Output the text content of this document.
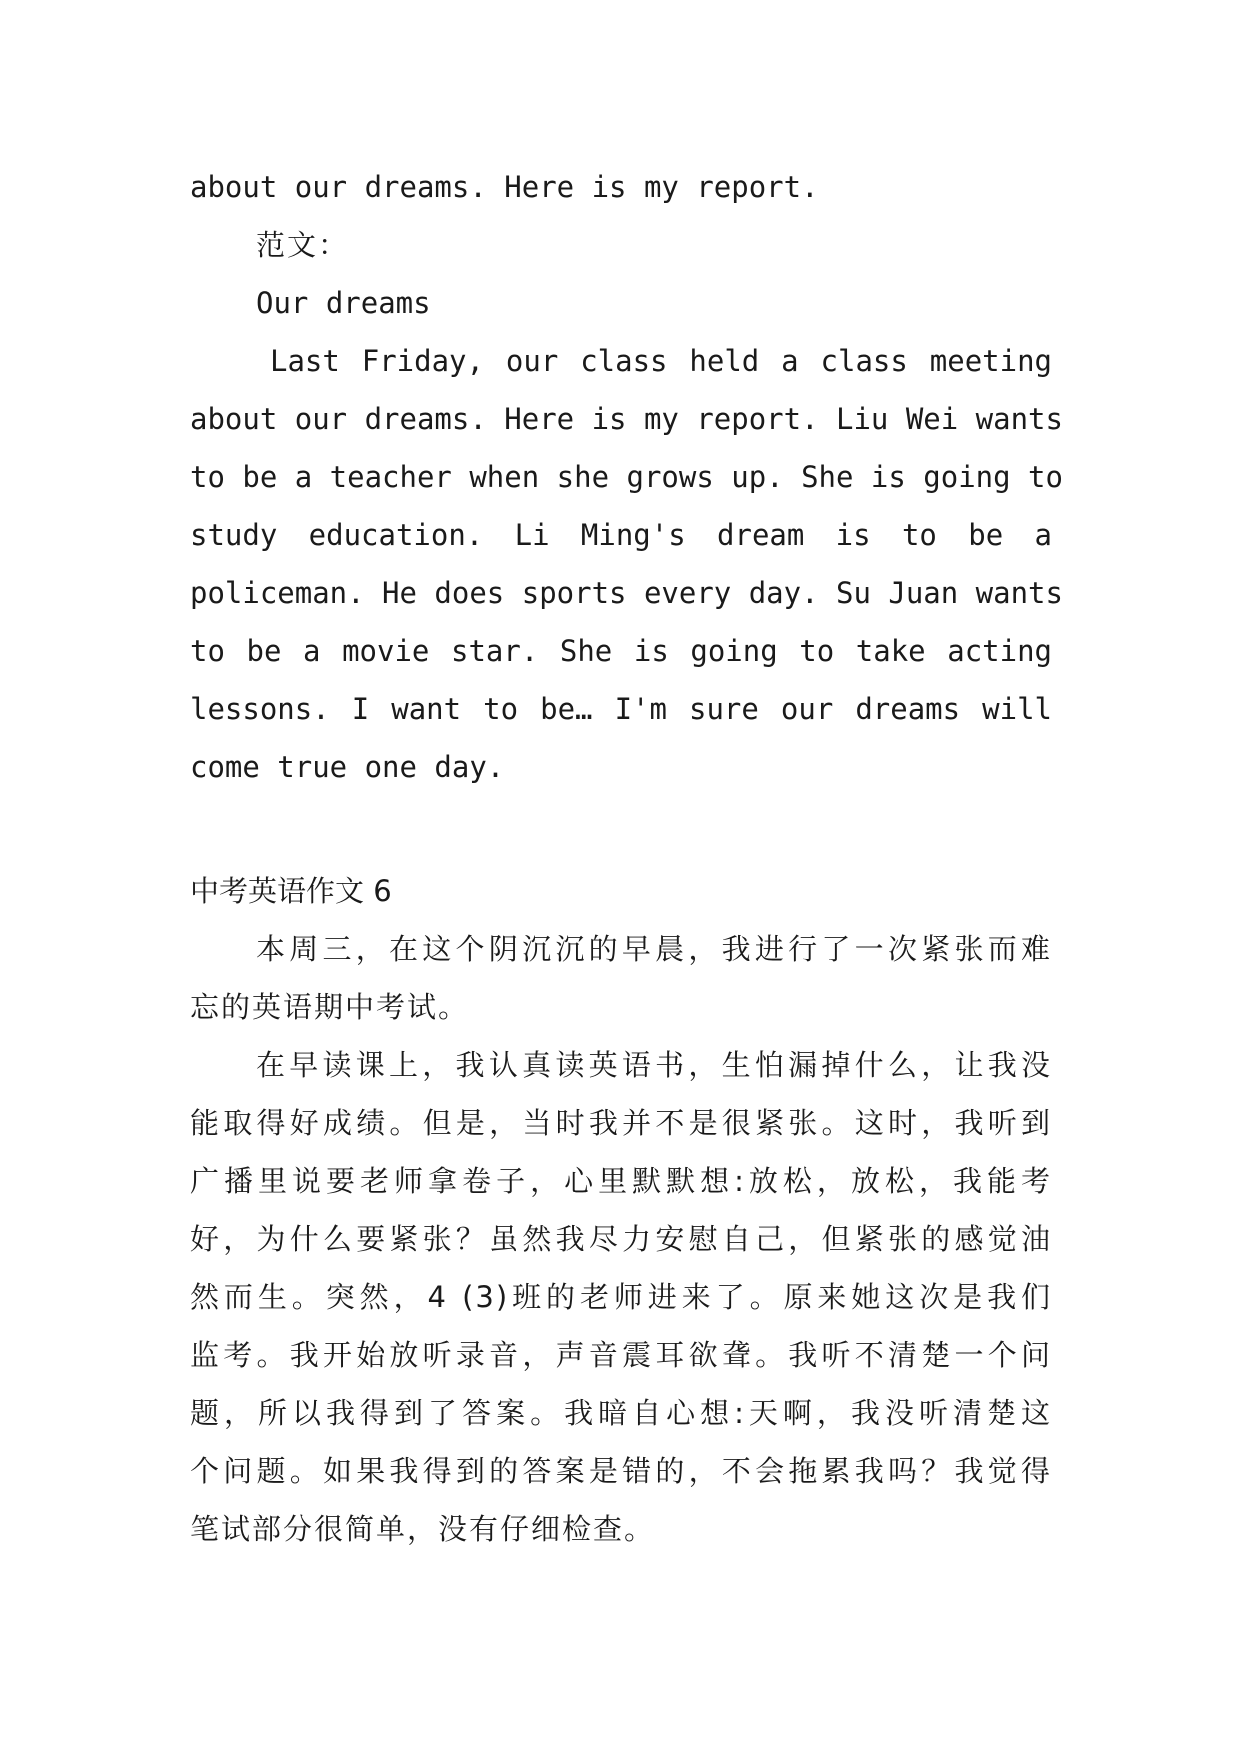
about our dreams. Here is my report.
范文：
Our dreams
Last Friday, our class held a class meeting
about our dreams. Here is my report. Liu Wei wants
to be a teacher when she grows up. She is going to
study education. Li Ming's dream is to be a
policeman. He does sports every day. Su Juan wants
to be a movie star. She is going to take acting
lessons. I want to be… I'm sure our dreams will
come true one day.
中考英语作文 6
本周三，在这个阴沉沉的早晨，我进行了一次紧张而难
忘的英语期中考试。
在早读课上，我认真读英语书，生怕漏掉什么，让我没
能取得好成绩。但是，当时我并不是很紧张。这时，我听到
广播里说要老师拿卷子，心里默默想:放松，放松，我能考
好，为什么要紧张？虽然我尽力安慰自己，但紧张的感觉油
然而生。突然，4 (3)班的老师进来了。原来她这次是我们
监考。我开始放听录音，声音震耳欲聋。我听不清楚一个问
题，所以我得到了答案。我暗自心想:天啊，我没听清楚这
个问题。如果我得到的答案是错的，不会拖累我吗？我觉得
笔试部分很简单，没有仔细检查。
